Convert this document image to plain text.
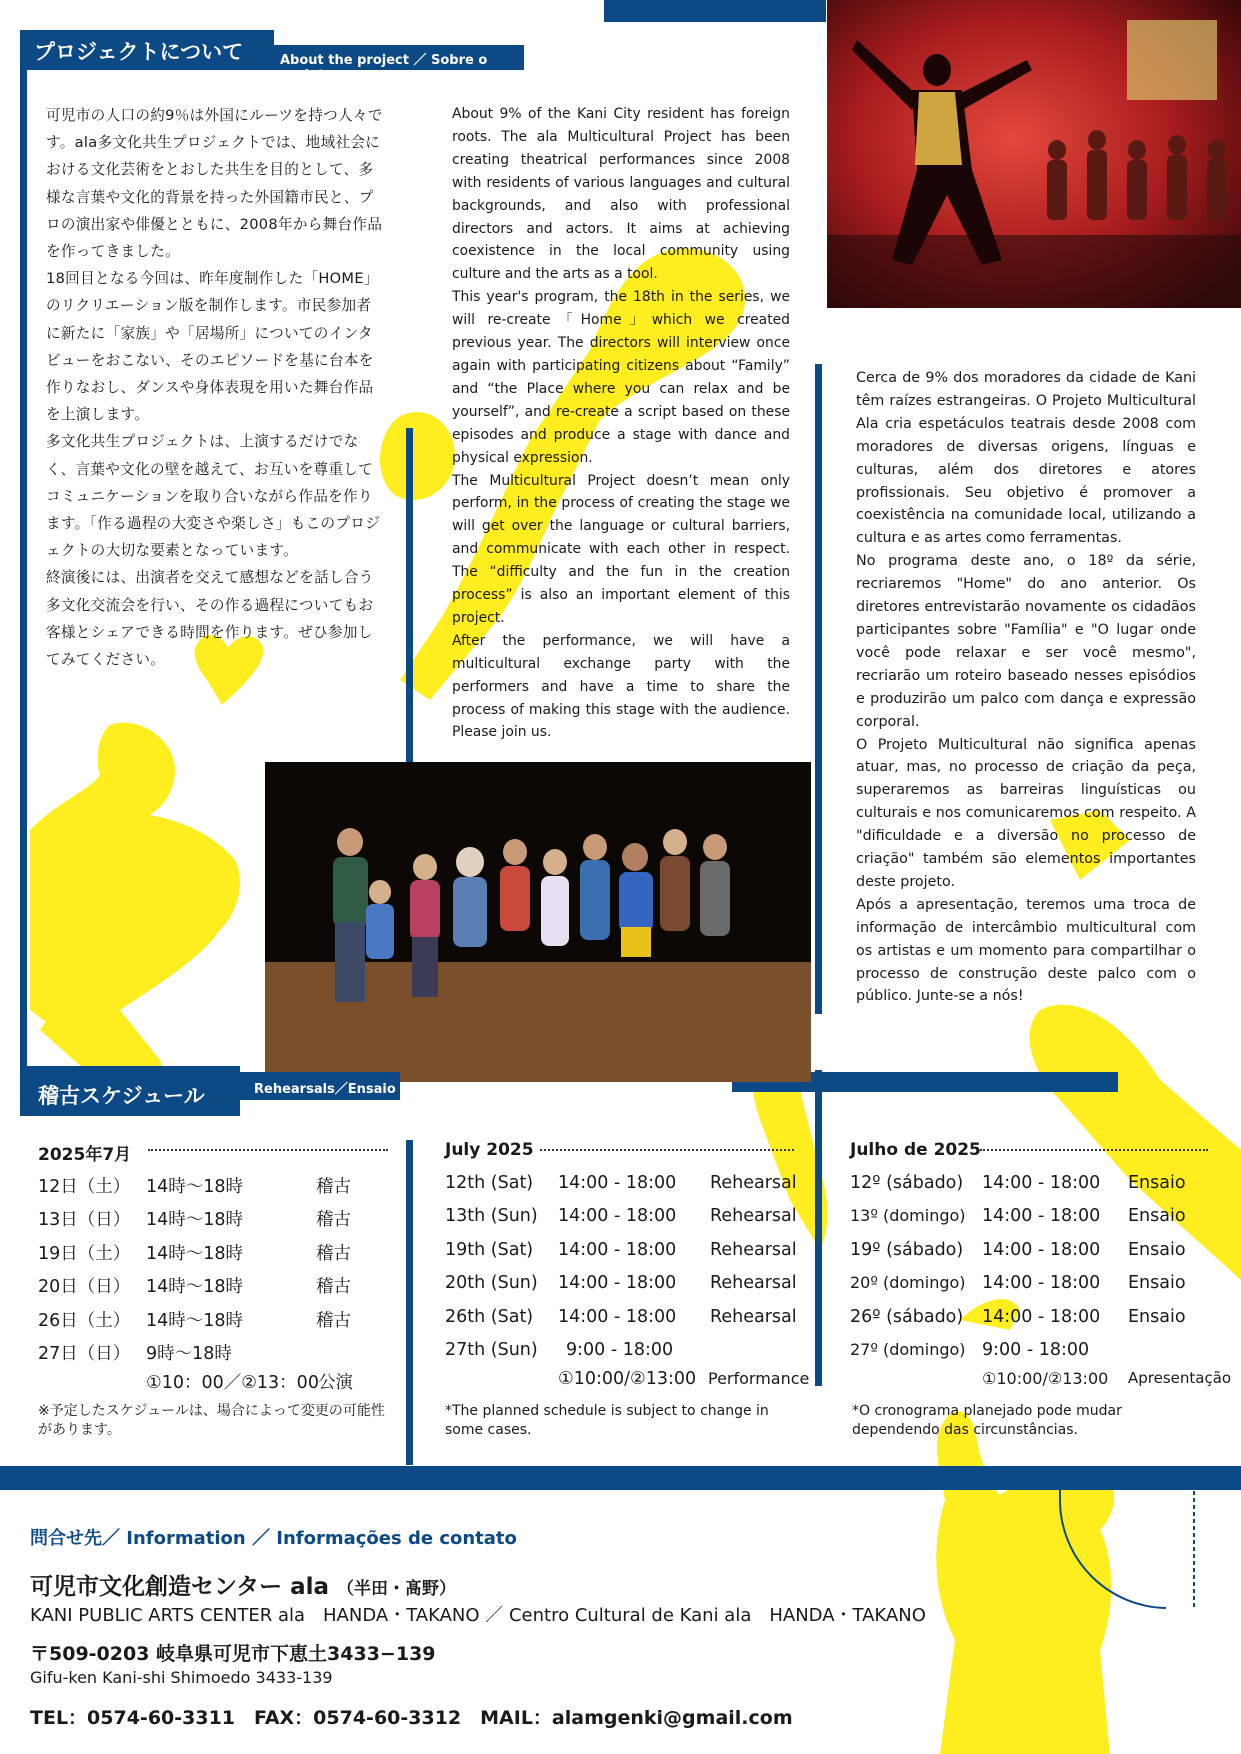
プロジェクトについて	About the project ／ Sobre o projeto

可児市の人口の約9％は外国にルーツを持つ人々です。ala多文化共生プロジェクトでは、地域社会における文化芸術をとおした共生を目的として、多様な言葉や文化的背景を持った外国籍市民と、プロの演出家や俳優とともに、2008年から舞台作品を作ってきました。

18回目となる今回は、昨年度制作した「HOME」のリクリエーション版を制作します。市民参加者に新たに「家族」や「居場所」についてのインタビューをおこない、そのエピソードを基に台本を作りなおし、ダンスや身体表現を用いた舞台作品を上演します。

多文化共生プロジェクトは、上演するだけでなく、言葉や文化の壁を越えて、お互いを尊重してコミュニケーションを取り合いながら作品を作ります。「作る過程の大変さや楽しさ」もこのプロジェクトの大切な要素となっています。

終演後には、出演者を交えて感想などを話し合う多文化交流会を行い、その作る過程についてもお客様とシェアできる時間を作ります。ぜひ参加してみてください。

About 9% of the Kani City resident has foreign roots. The ala Multicultural Project has been creating theatrical performances since 2008 with residents of various languages and cultural backgrounds, and also with professional directors and actors. It aims at achieving coexistence in the local community using culture and the arts as a tool.

This year's program, the 18th in the series, we will re-create「Home」which we created previous year. The directors will interview once again with participating citizens about “Family” and “the Place where you can relax and be yourself”, and re-create a script based on these episodes and produce a stage with dance and physical expression.

The Multicultural Project doesn’t mean only perform, in the process of creating the stage we will get over the language or cultural barriers, and communicate with each other in respect. The “difficulty and the fun in the creation process” is also an important element of this project.

After the performance, we will have a multicultural exchange party with the performers and have a time to share the process of making this stage with the audience. Please join us.

Cerca de 9% dos moradores da cidade de Kani têm raízes estrangeiras. O Projeto Multicultural Ala cria espetáculos teatrais desde 2008 com moradores de diversas origens, línguas e culturas, além dos diretores e atores profissionais. Seu objetivo é promover a coexistência na comunidade local, utilizando a cultura e as artes como ferramentas.

No programa deste ano, o 18º da série, recriaremos "Home" do ano anterior. Os diretores entrevistarão novamente os cidadãos participantes sobre "Família" e "O lugar onde você pode relaxar e ser você mesmo", recriarão um roteiro baseado nesses episódios e produzirão um palco com dança e expressão corporal.

O Projeto Multicultural não significa apenas atuar, mas, no processo de criação da peça, superaremos as barreiras linguísticas ou culturais e nos comunicaremos com respeito. A "dificuldade e a diversão no processo de criação" também são elementos importantes deste projeto.

Após a apresentação, teremos uma troca de informação de intercâmbio multicultural com os artistas e um momento para compartilhar o processo de construção deste palco com o público. Junte-se a nós!

稽古スケジュール	Rehearsals／Ensaio
2025年7月
12日（土） 14時～18時	稽古
13日（日） 14時～18時	稽古
19日（土） 14時～18時	稽古
20日（日） 14時～18時	稽古
26日（土） 14時～18時	稽古
27日（日） 9時～18時
①10：00／②13：00 公演
※予定したスケジュールは、場合によって変更の可能性があります。
July 2025
12th (Sat) 14:00 - 18:00 Rehearsal
13th (Sun) 14:00 - 18:00 Rehearsal
19th (Sat) 14:00 - 18:00 Rehearsal
20th (Sun) 14:00 - 18:00 Rehearsal
26th (Sat) 14:00 - 18:00 Rehearsal
27th (Sun) 9:00 - 18:00
①10:00/②13:00 Performance
*The planned schedule is subject to change in some cases.
Julho de 2025
12º (sábado) 14:00 - 18:00 Ensaio
13º (domingo) 14:00 - 18:00 Ensaio
19º (sábado) 14:00 - 18:00 Ensaio
20º (domingo) 14:00 - 18:00 Ensaio
26º (sábado) 14:00 - 18:00 Ensaio
27º (domingo) 9:00 - 18:00
①10:00/②13:00 Apresentação
*O cronograma planejado pode mudar dependendo das circunstâncias.
問合せ先／ Information ／ Informações de contato
可児市文化創造センター ala （半田・髙野）
KANI PUBLIC ARTS CENTER ala　HANDA・TAKANO ／ Centro Cultural de Kani ala　HANDA・TAKANO
〒509-0203 岐阜県可児市下恵土3433−139
Gifu-ken Kani-shi Shimoedo 3433-139
TEL：0574-60-3311　FAX：0574-60-3312　MAIL：alamgenki@gmail.com
